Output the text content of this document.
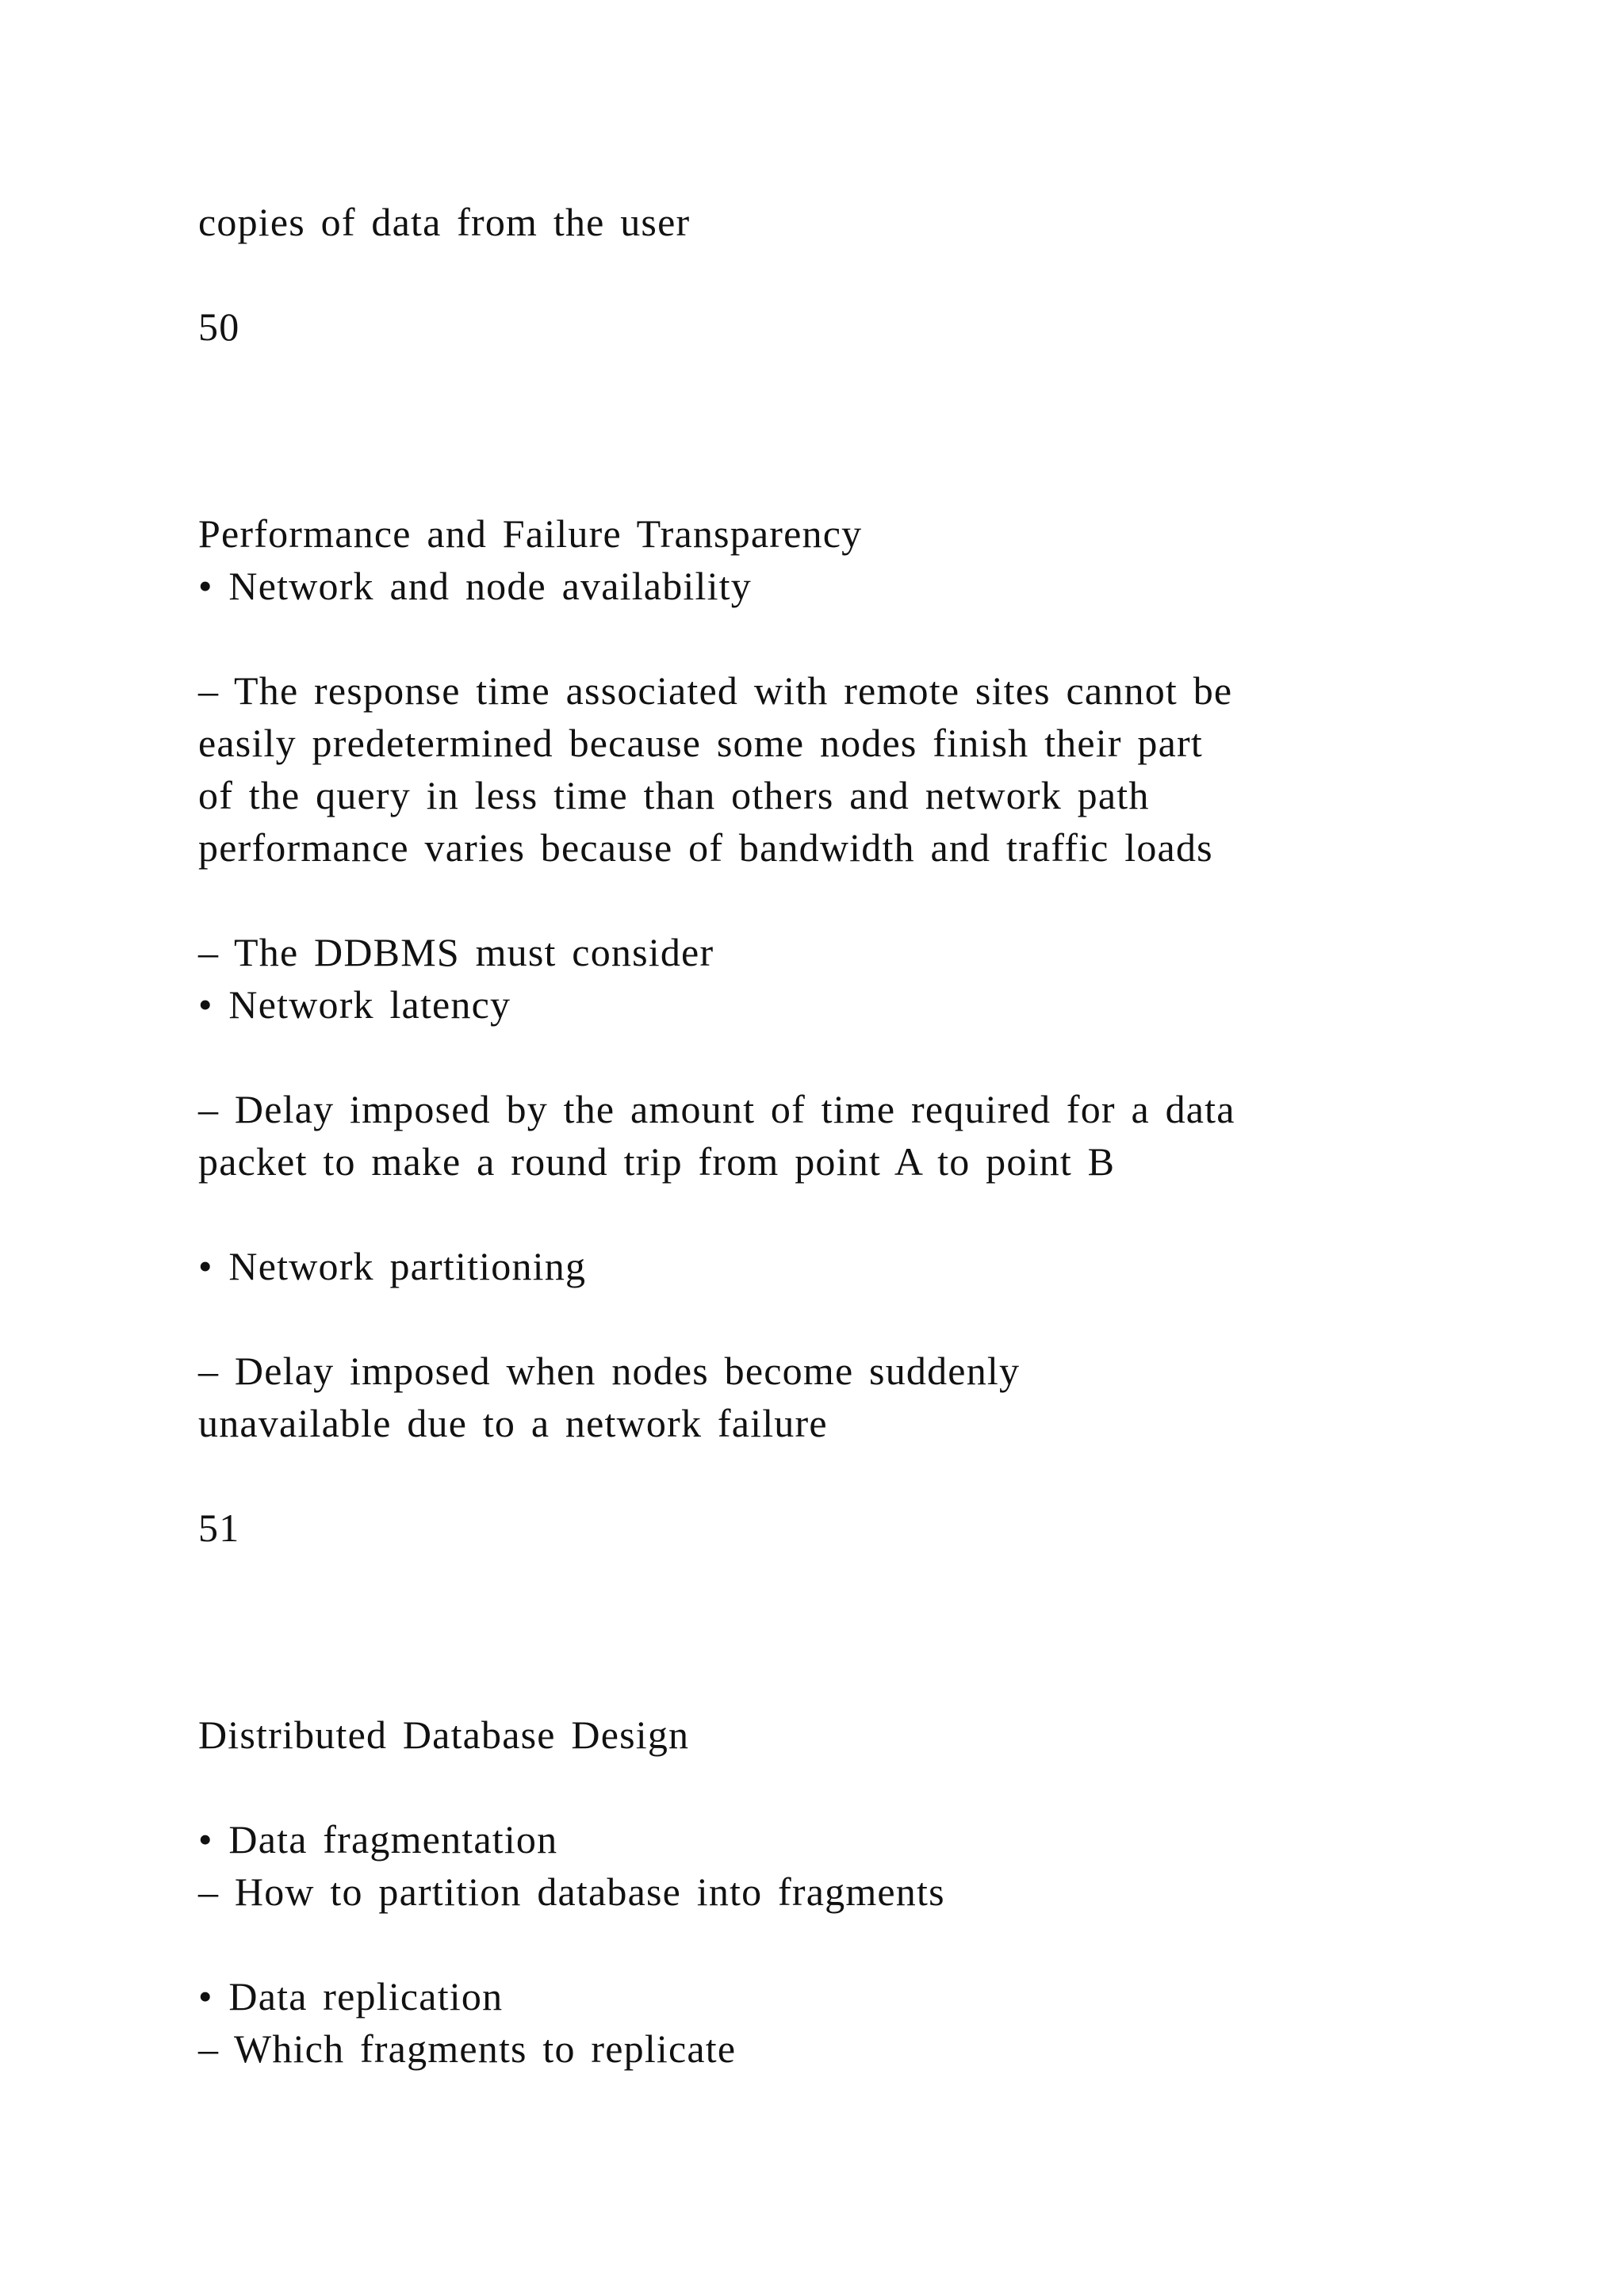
copies of data from the user

50

Performance and Failure Transparency

• Network and node availability

– The response time associated with remote sites cannot be

easily predetermined because some nodes finish their part

of the query in less time than others and network path

performance varies because of bandwidth and traffic loads

– The DDBMS must consider

• Network latency

– Delay imposed by the amount of time required for a data

packet to make a round trip from point A to point B

• Network partitioning

– Delay imposed when nodes become suddenly

unavailable due to a network failure

51

Distributed Database Design

• Data fragmentation

– How to partition database into fragments

• Data replication

– Which fragments to replicate
